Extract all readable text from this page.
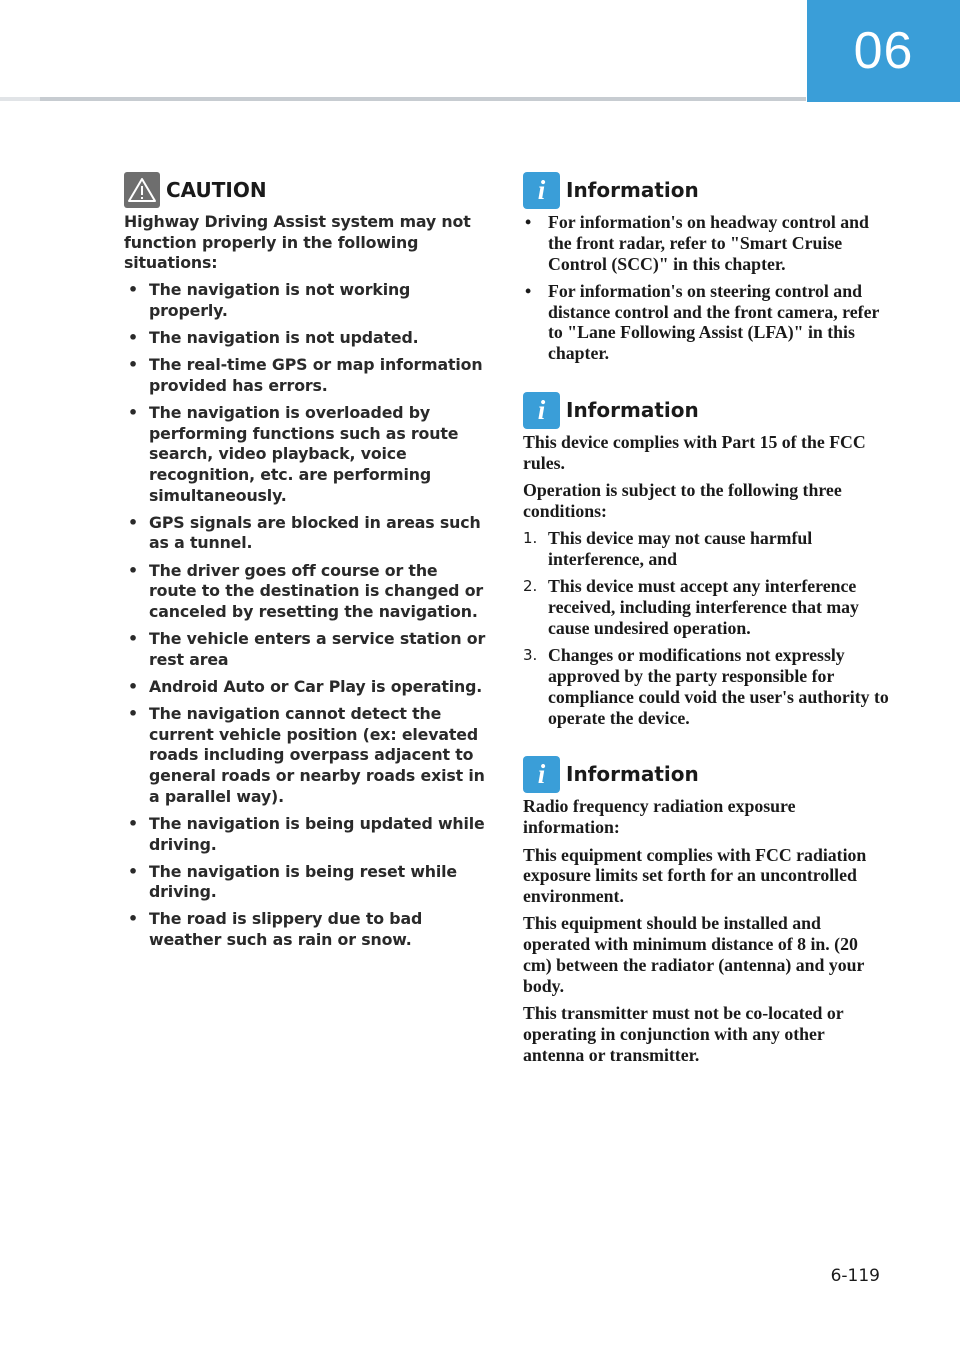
06
CAUTION

Highway Driving Assist system may not function properly in the following situations:

• The navigation is not working properly.
• The navigation is not updated.
• The real-time GPS or map information provided has errors.
• The navigation is overloaded by performing functions such as route search, video playback, voice recognition, etc. are performing simultaneously.
• GPS signals are blocked in areas such as a tunnel.
• The driver goes off course or the route to the destination is changed or canceled by resetting the navigation.
• The vehicle enters a service station or rest area
• Android Auto or Car Play is operating.
• The navigation cannot detect the current vehicle position (ex: elevated roads including overpass adjacent to general roads or nearby roads exist in a parallel way).
• The navigation is being updated while driving.
• The navigation is being reset while driving.
• The road is slippery due to bad weather such as rain or snow.
i	Information
• For information's on headway control and the front radar, refer to "Smart Cruise Control (SCC)" in this chapter.
• For information's on steering control and distance control and the front camera, refer to "Lane Following Assist (LFA)" in this chapter.
i	Information

This device complies with Part 15 of the FCC rules.

Operation is subject to the following three conditions:

1. This device may not cause harmful interference, and
2. This device must accept any interference received, including interference that may cause undesired operation.
3. Changes or modifications not expressly approved by the party responsible for compliance could void the user's authority to operate the device.
i	Information

Radio frequency radiation exposure information:

This equipment complies with FCC radiation exposure limits set forth for an uncontrolled environment.

This equipment should be installed and operated with minimum distance of 8 in. (20 cm) between the radiator (antenna) and your body.

This transmitter must not be co-located or operating in conjunction with any other antenna or transmitter.

6-119
